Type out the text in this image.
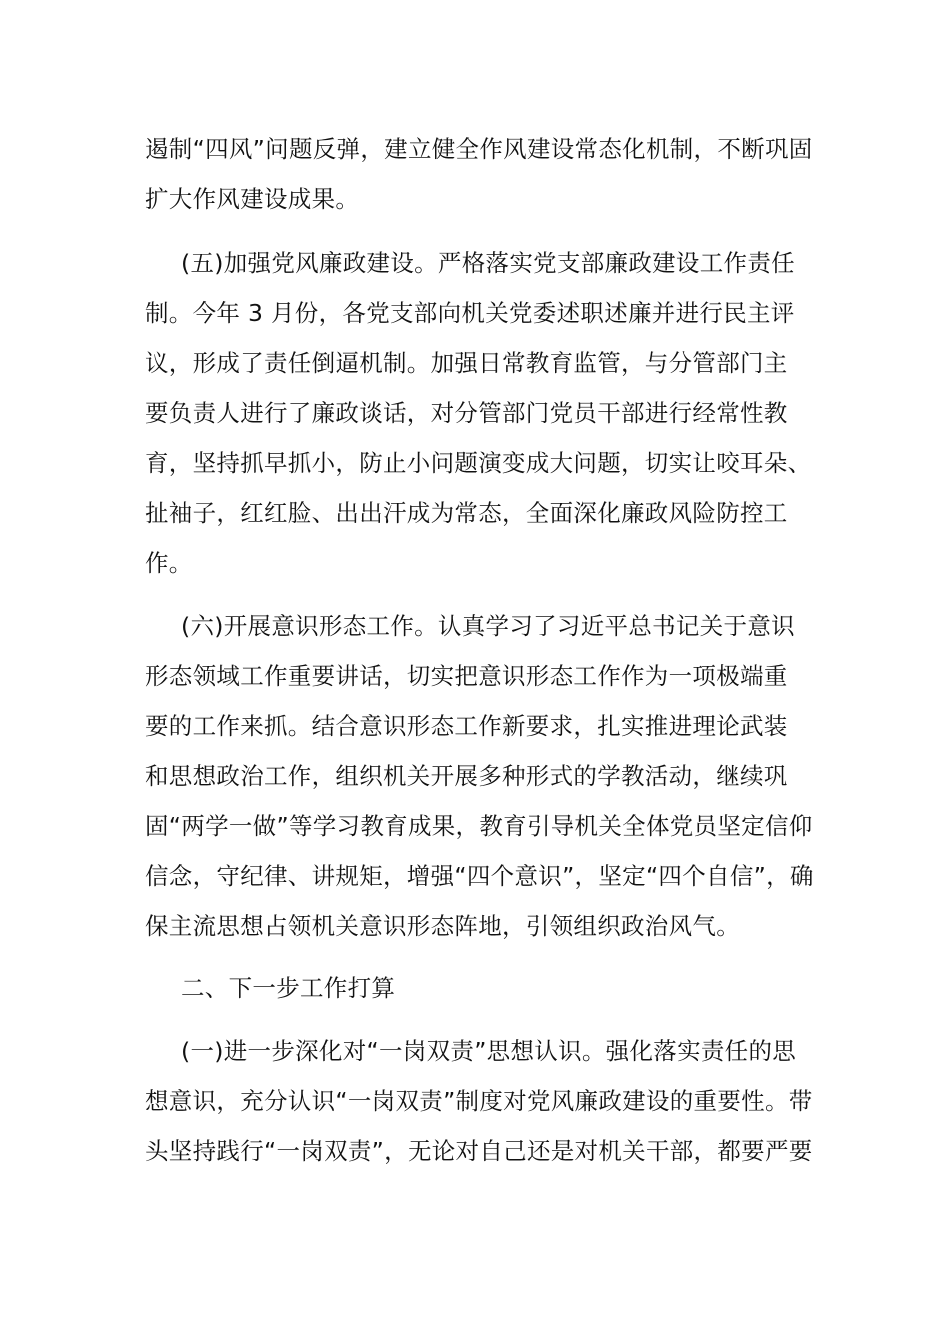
遏制“四风”问题反弹，建立健全作风建设常态化机制，不断巩固
扩大作风建设成果。
(五)加强党风廉政建设。严格落实党支部廉政建设工作责任
制。今年 3 月份，各党支部向机关党委述职述廉并进行民主评
议，形成了责任倒逼机制。加强日常教育监管，与分管部门主
要负责人进行了廉政谈话，对分管部门党员干部进行经常性教
育，坚持抓早抓小，防止小问题演变成大问题，切实让咬耳朵、
扯袖子，红红脸、出出汗成为常态，全面深化廉政风险防控工
作。
(六)开展意识形态工作。认真学习了习近平总书记关于意识
形态领域工作重要讲话，切实把意识形态工作作为一项极端重
要的工作来抓。结合意识形态工作新要求，扎实推进理论武装
和思想政治工作，组织机关开展多种形式的学教活动，继续巩
固“两学一做”等学习教育成果，教育引导机关全体党员坚定信仰
信念，守纪律、讲规矩，增强“四个意识”，坚定“四个自信”，确
保主流思想占领机关意识形态阵地，引领组织政治风气。
二、下一步工作打算
(一)进一步深化对“一岗双责”思想认识。强化落实责任的思
想意识，充分认识“一岗双责”制度对党风廉政建设的重要性。带
头坚持践行“一岗双责”，无论对自己还是对机关干部，都要严要
